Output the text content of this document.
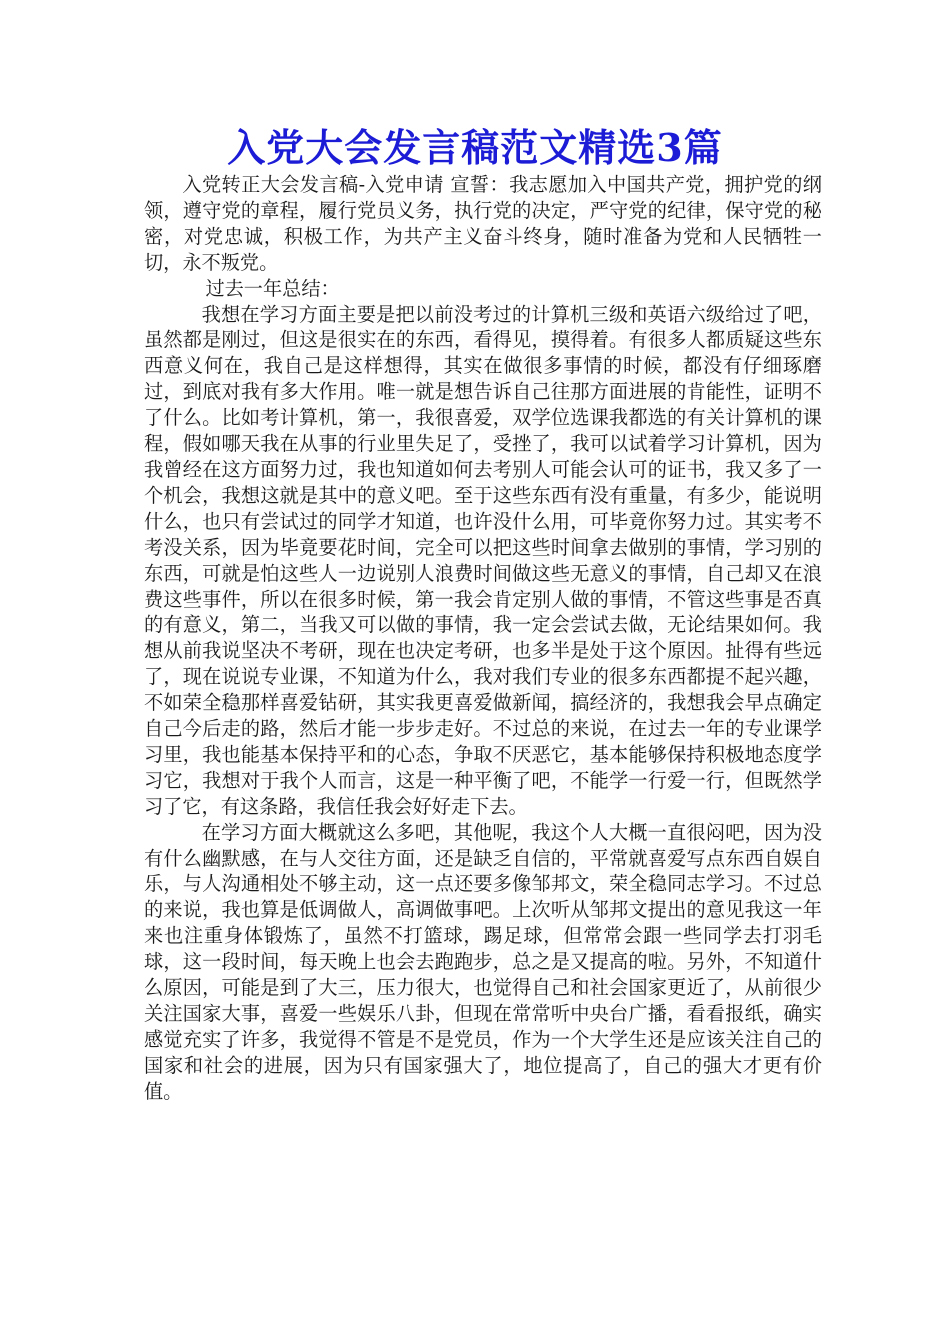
入党大会发言稿范文精选3篇

入党转正大会发言稿-入党申请 宣誓：我志愿加入中国共产党，拥护党的纲领，遵守党的章程，履行党员义务，执行党的决定，严守党的纪律，保守党的秘密，对党忠诚，积极工作，为共产主义奋斗终身，随时准备为党和人民牺牲一切，永不叛党。

过去一年总结：

我想在学习方面主要是把以前没考过的计算机三级和英语六级给过了吧，虽然都是刚过，但这是很实在的东西，看得见，摸得着。有很多人都质疑这些东西意义何在，我自己是这样想得，其实在做很多事情的时候，都没有仔细琢磨过，到底对我有多大作用。唯一就是想告诉自己往那方面进展的肯能性，证明不了什么。比如考计算机，第一，我很喜爱，双学位选课我都选的有关计算机的课程，假如哪天我在从事的行业里失足了，受挫了，我可以试着学习计算机，因为我曾经在这方面努力过，我也知道如何去考别人可能会认可的证书，我又多了一个机会，我想这就是其中的意义吧。至于这些东西有没有重量，有多少，能说明什么，也只有尝试过的同学才知道，也许没什么用，可毕竟你努力过。其实考不考没关系，因为毕竟要花时间，完全可以把这些时间拿去做别的事情，学习别的东西，可就是怕这些人一边说别人浪费时间做这些无意义的事情，自己却又在浪费这些事件，所以在很多时候，第一我会肯定别人做的事情，不管这些事是否真的有意义，第二，当我又可以做的事情，我一定会尝试去做，无论结果如何。我想从前我说坚决不考研，现在也决定考研，也多半是处于这个原因。扯得有些远了，现在说说专业课，不知道为什么，我对我们专业的很多东西都提不起兴趣，不如荣全稳那样喜爱钻研，其实我更喜爱做新闻，搞经济的，我想我会早点确定自己今后走的路，然后才能一步步走好。不过总的来说，在过去一年的专业课学习里，我也能基本保持平和的心态，争取不厌恶它，基本能够保持积极地态度学习它，我想对于我个人而言，这是一种平衡了吧，不能学一行爱一行，但既然学习了它，有这条路，我信任我会好好走下去。

在学习方面大概就这么多吧，其他呢，我这个人大概一直很闷吧，因为没有什么幽默感，在与人交往方面，还是缺乏自信的，平常就喜爱写点东西自娱自乐，与人沟通相处不够主动，这一点还要多像邹邦文，荣全稳同志学习。不过总的来说，我也算是低调做人，高调做事吧。上次听从邹邦文提出的意见我这一年来也注重身体锻炼了，虽然不打篮球，踢足球，但常常会跟一些同学去打羽毛球，这一段时间，每天晚上也会去跑跑步，总之是又提高的啦。另外，不知道什么原因，可能是到了大三，压力很大，也觉得自己和社会国家更近了，从前很少关注国家大事，喜爱一些娱乐八卦，但现在常常听中央台广播，看看报纸，确实感觉充实了许多，我觉得不管是不是党员，作为一个大学生还是应该关注自己的国家和社会的进展，因为只有国家强大了，地位提高了，自己的强大才更有价值。
